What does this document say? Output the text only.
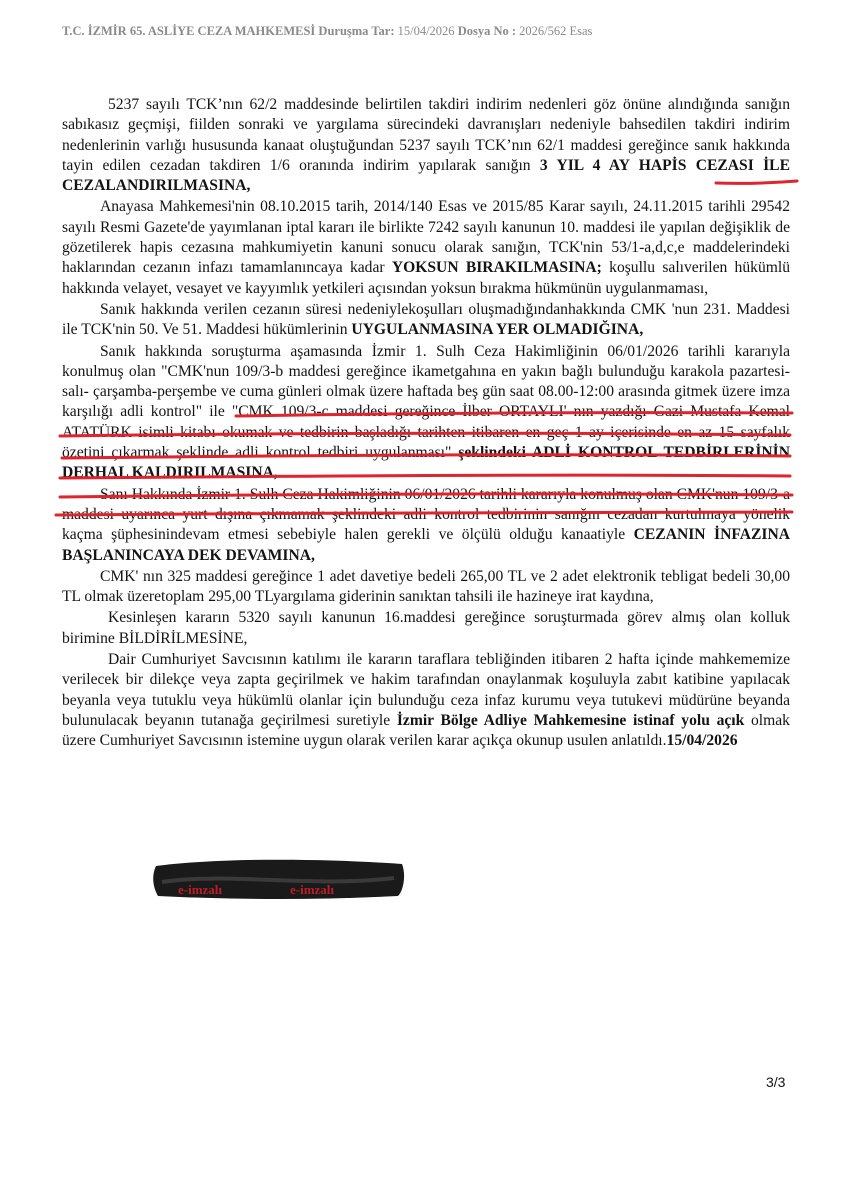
T.C. İZMİR 65. ASLİYE CEZA MAHKEMESİ Duruşma Tar: 15/04/2026 Dosya No : 2026/562 Esas

5237 sayılı TCK’nın 62/2 maddesinde belirtilen takdiri indirim nedenleri göz önüne alındığında sanığın sabıkasız geçmişi, fiilden sonraki ve yargılama sürecindeki davranışları nedeniyle bahsedilen takdiri indirim nedenlerinin varlığı hususunda kanaat oluştuğundan 5237 sayılı TCK’nın 62/1 maddesi gereğince sanık hakkında tayin edilen cezadan takdiren 1/6 oranında indirim yapılarak sanığın 3 YIL 4 AY HAPİS CEZASI İLE CEZALANDIRILMASINA,

Anayasa Mahkemesi'nin 08.10.2015 tarih, 2014/140 Esas ve 2015/85 Karar sayılı, 24.11.2015 tarihli 29542 sayılı Resmi Gazete'de yayımlanan iptal kararı ile birlikte 7242 sayılı kanunun 10. maddesi ile yapılan değişiklik de gözetilerek hapis cezasına mahkumiyetin kanuni sonucu olarak sanığın, TCK'nin 53/1-a,d,c,e maddelerindeki haklarından cezanın infazı tamamlanıncaya kadar YOKSUN BIRAKILMASINA; koşullu salıverilen hükümlü hakkında velayet, vesayet ve kayyımlık yetkileri açısından yoksun bırakma hükmünün uygulanmaması,

Sanık hakkında verilen cezanın süresi nedeniylekoşulları oluşmadığındanhakkında CMK 'nun 231. Maddesi ile TCK'nin 50. Ve 51. Maddesi hükümlerinin UYGULANMASINA YER OLMADIĞINA,

Sanık hakkında soruşturma aşamasında İzmir 1. Sulh Ceza Hakimliğinin 06/01/2026 tarihli kararıyla konulmuş olan "CMK'nun 109/3-b maddesi gereğince ikametgahına en yakın bağlı bulunduğu karakola pazartesi- salı- çarşamba-perşembe ve cuma günleri olmak üzere haftada beş gün saat 08.00-12:00 arasında gitmek üzere imza karşılığı adli kontrol" ile "CMK 109/3-c maddesi gereğince İlber ORTAYLI' nın yazdığı Gazi Mustafa Kemal ATATÜRK isimli kitabı okumak ve tedbirin başladığı tarihten itibaren en geç 1 ay içerisinde en az 15 sayfalık özetini çıkarmak şeklinde adli kontrol tedbiri uygulanması" şeklindeki ADLİ KONTROL TEDBİRLERİNİN DERHAL KALDIRILMASINA,

Sanı Hakkında İzmir 1. Sulh Ceza Hakimliğinin 06/01/2026 tarihli kararıyla konulmuş olan CMK'nun 109/3-a maddesi uyarınca yurt dışına çıkmamak şeklindeki adli kontrol tedbirinin sanığın cezadan kurtulmaya yönelik kaçma şüphesinindevam etmesi sebebiyle halen gerekli ve ölçülü olduğu kanaatiyle CEZANIN İNFAZINA BAŞLANINCAYA DEK DEVAMINA,

CMK' nın 325 maddesi gereğince 1 adet davetiye bedeli 265,00 TL ve 2 adet elektronik tebligat bedeli 30,00 TL olmak üzeretoplam 295,00 TLyargılama giderinin sanıktan tahsili ile hazineye irat kaydına,

Kesinleşen kararın 5320 sayılı kanunun 16.maddesi gereğince soruşturmada görev almış olan kolluk birimine BİLDİRİLMESİNE,

Dair Cumhuriyet Savcısının katılımı ile kararın taraflara tebliğinden itibaren 2 hafta içinde mahkememize verilecek bir dilekçe veya zapta geçirilmek ve hakim tarafından onaylanmak koşuluyla zabıt katibine yapılacak beyanla veya tutuklu veya hükümlü olanlar için bulunduğu ceza infaz kurumu veya tutukevi müdürüne beyanda bulunulacak beyanın tutanağa geçirilmesi suretiyle İzmir Bölge Adliye Mahkemesine istinaf yolu açık olmak üzere Cumhuriyet Savcısının istemine uygun olarak verilen karar açıkça okunup usulen anlatıldı.15/04/2026

e-imzalı	e-imzalı
3/3
